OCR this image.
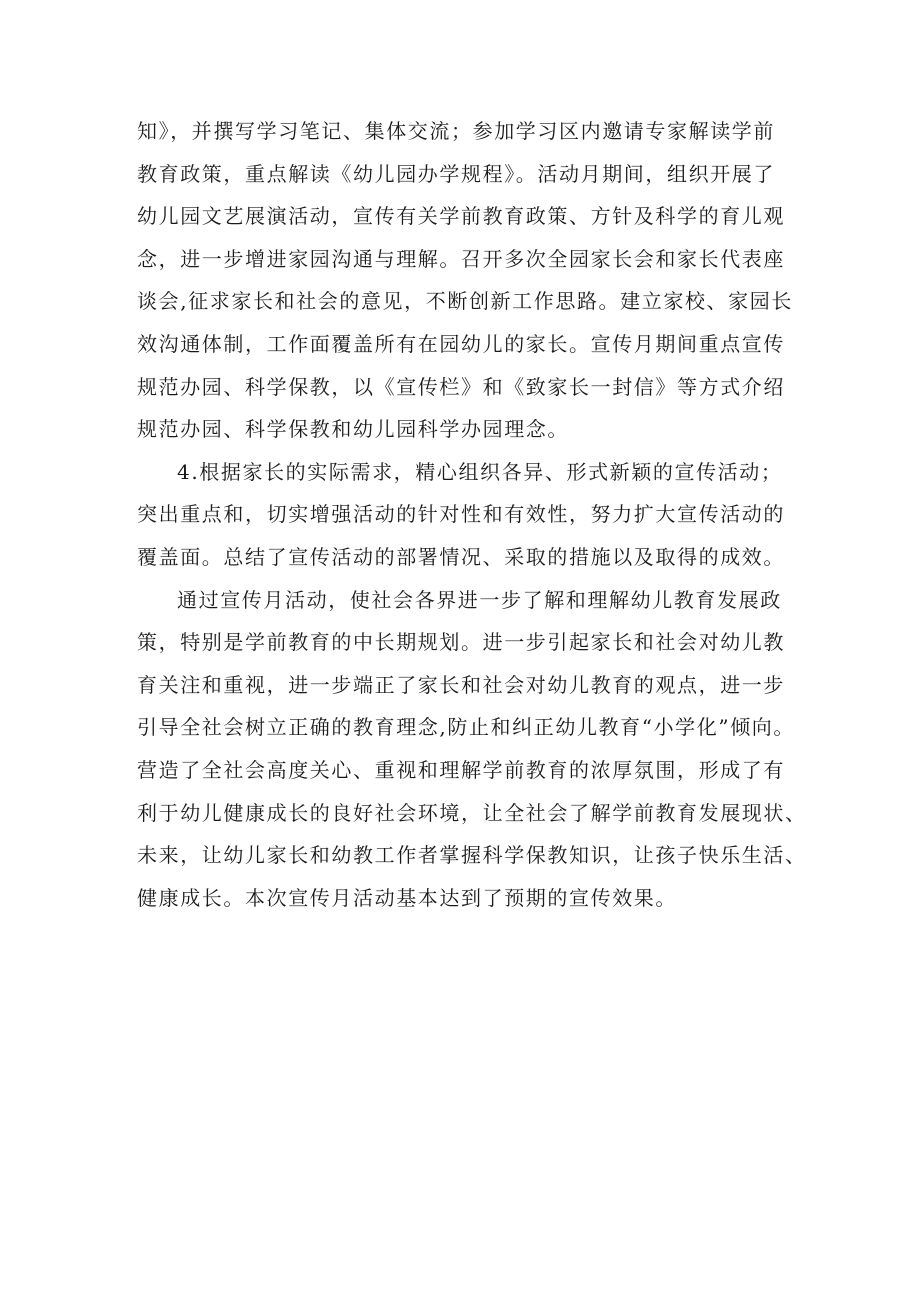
知》，并撰写学习笔记、集体交流；参加学习区内邀请专家解读学前
教育政策，重点解读《幼儿园办学规程》。活动月期间，组织开展了
幼儿园文艺展演活动，宣传有关学前教育政策、方针及科学的育儿观
念，进一步增进家园沟通与理解。召开多次全园家长会和家长代表座
谈会,征求家长和社会的意见，不断创新工作思路。建立家校、家园长
效沟通体制，工作面覆盖所有在园幼儿的家长。宣传月期间重点宣传
规范办园、科学保教，以《宣传栏》和《致家长一封信》等方式介绍
规范办园、科学保教和幼儿园科学办园理念。

4.根据家长的实际需求，精心组织各异、形式新颖的宣传活动；
突出重点和，切实增强活动的针对性和有效性，努力扩大宣传活动的
覆盖面。总结了宣传活动的部署情况、采取的措施以及取得的成效。

通过宣传月活动，使社会各界进一步了解和理解幼儿教育发展政
策，特别是学前教育的中长期规划。进一步引起家长和社会对幼儿教
育关注和重视，进一步端正了家长和社会对幼儿教育的观点，进一步
引导全社会树立正确的教育理念,防止和纠正幼儿教育“小学化”倾向。
营造了全社会高度关心、重视和理解学前教育的浓厚氛围，形成了有
利于幼儿健康成长的良好社会环境，让全社会了解学前教育发展现状、
未来，让幼儿家长和幼教工作者掌握科学保教知识，让孩子快乐生活、
健康成长。本次宣传月活动基本达到了预期的宣传效果。
